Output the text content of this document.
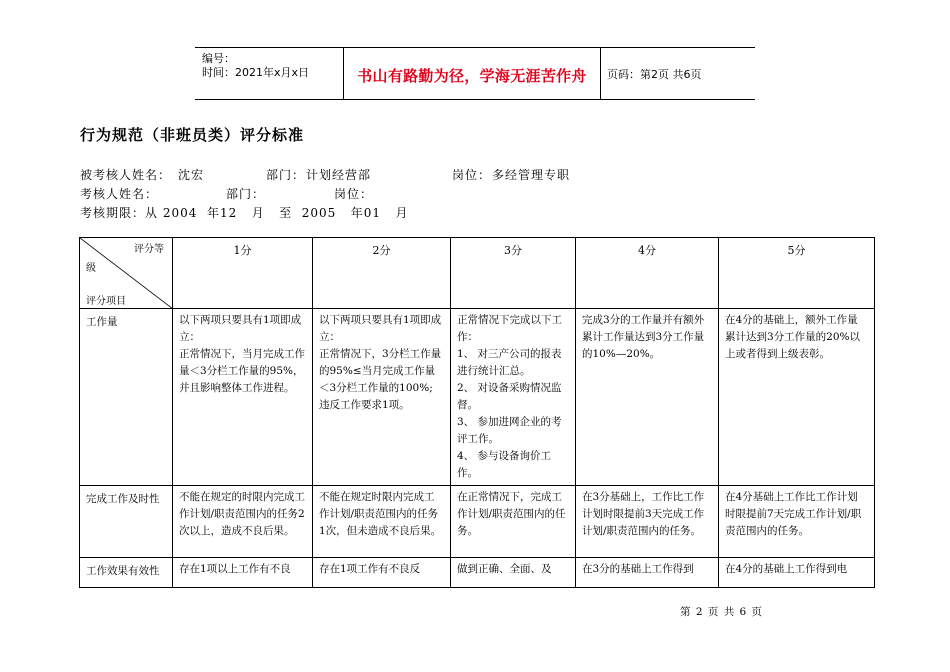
编号：
时间：2021年x月x日	书山有路勤为径，学海无涯苦作舟	页码：第2页 共6页
行为规范（非班员类）评分标准
被考核人姓名： 沈宏	部门： 计划经营部	岗位： 多经管理专职
考核人姓名：	部门：	岗位：
考核期限：从 2004  年12   月   至  2005   年01   月
评分等
级
评分项目	1分	2分	3分	4分	5分
工作量	以下两项只要具有1项即成立：
正常情况下，当月完成工作量＜3分栏工作量的95%，并且影响整体工作进程。	以下两项只要具有1项即成立：
正常情况下，3分栏工作量的95%≤当月完成工作量＜3分栏工作量的100%;
违反工作要求1项。	正常情况下完成以下工作：
1、 对三产公司的报表进行统计汇总。
2、 对设备采购情况监督。
3、 参加进网企业的考评工作。
4、 参与设备询价工作。	完成3分的工作量并有额外累计工作量达到3分工作量的10%—20%。	在4分的基础上，额外工作量累计达到3分工作量的20%以上或者得到上级表彰。

完成工作及时性	不能在规定的时限内完成工作计划/职责范围内的任务2次以上，造成不良后果。	不能在规定时限内完成工作计划/职责范围内的任务1次，但未造成不良后果。	在正常情况下，完成工作计划/职责范围内的任务。	在3分基础上，工作比工作计划时限提前3天完成工作计划/职责范围内的任务。	在4分基础上工作比工作计划时限提前7天完成工作计划/职责范围内的任务。

工作效果有效性	存在1项以上工作有不良	存在1项工作有不良反	做到正确、全面、及	在3分的基础上工作得到	在4分的基础上工作得到电
第 2 页 共 6 页
